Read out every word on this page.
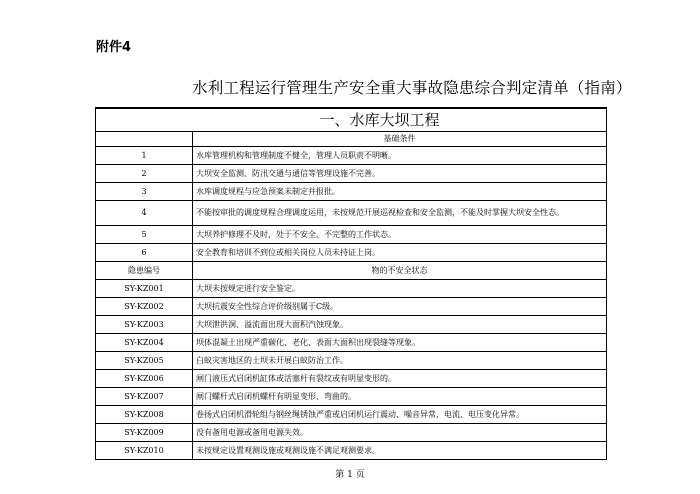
附件4
水利工程运行管理生产安全重大事故隐患综合判定清单（指南）
一、水库大坝工程	
	基础条件
1	水库管理机构和管理制度不健全，管理人员职责不明晰。
2	大坝安全监测、防汛交通与通信等管理设施不完善。
3	水库调度规程与应急预案未制定并报批。
4	不能按审批的调度规程合理调度运用，未按规范开展巡视检查和安全监测，不能及时掌握大坝安全性态。
5	大坝养护修理不及时，处于不安全、不完整的工作状态。
6	安全教育和培训不到位或相关岗位人员未持证上岗。
隐患编号	物的不安全状态
SY-KZ001	大坝未按规定进行安全鉴定。
SY-KZ002	大坝抗震安全性综合评价级别属于C级。
SY-KZ003	大坝泄洪洞、溢流面出现大面积汽蚀现象。
SY-KZ004	坝体混凝土出现严重碳化、老化、表面大面积出现裂缝等现象。
SY-KZ005	白蚁灾害地区的土坝未开展白蚁防治工作。
SY-KZ006	闸门液压式启闭机缸体或活塞杆有裂纹或有明显变形的。
SY-KZ007	闸门螺杆式启闭机螺杆有明显变形、弯曲的。
SY-KZ008	卷扬式启闭机滑轮组与钢丝绳锈蚀严重或启闭机运行震动、噪音异常，电流、电压变化异常。
SY-KZ009	没有备用电源或备用电源失效。
SY-KZ010	未按规定设置观测设施或观测设施不满足观测要求。
第 1 页
